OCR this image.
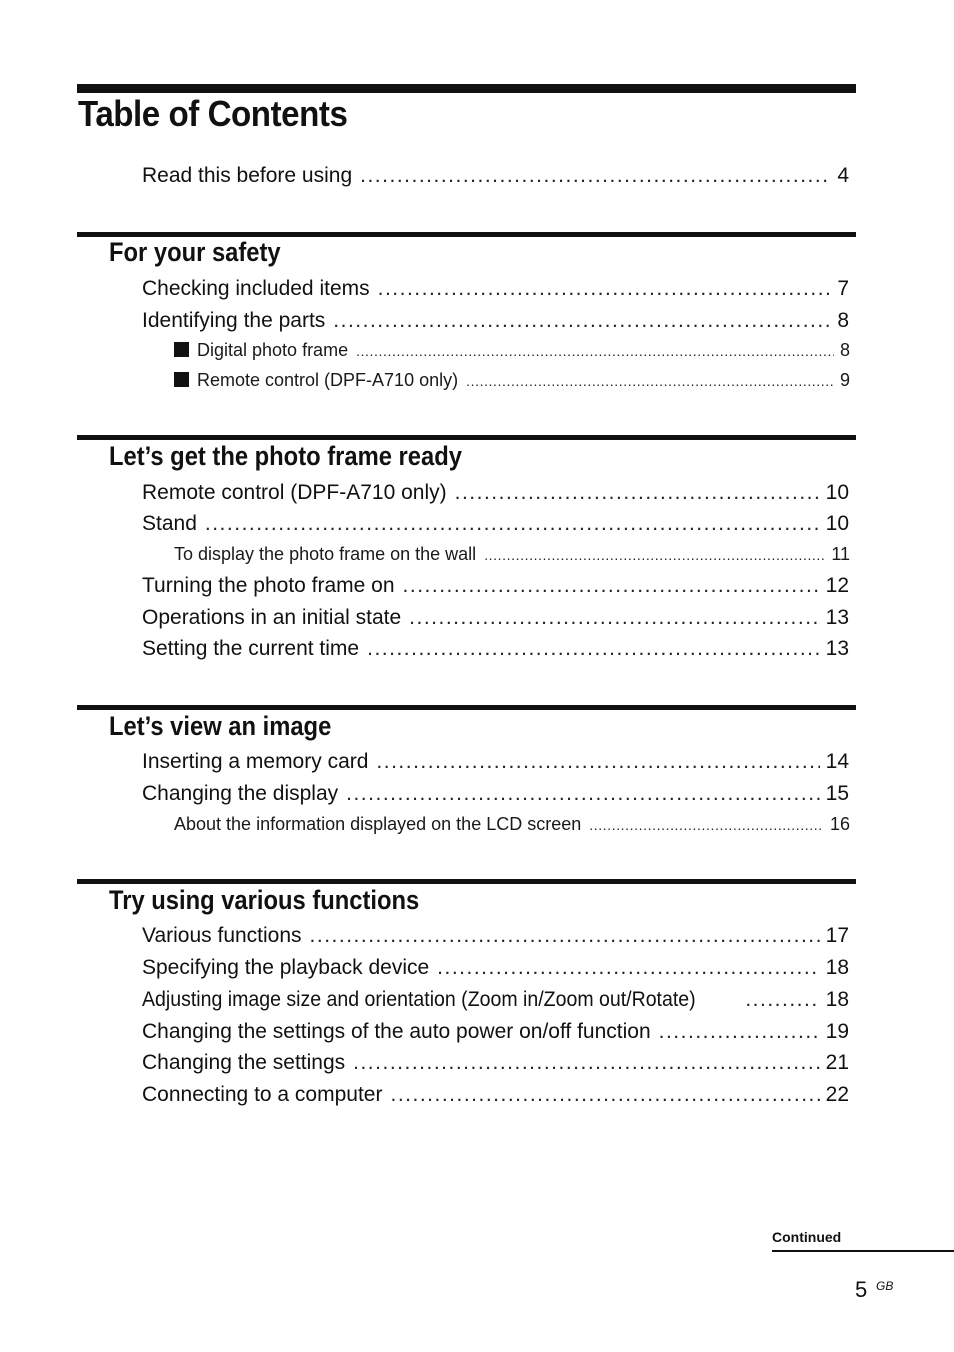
Table of Contents
Read this before using .....	4
For your safety
Checking included items .....	7
Identifying the parts .....	8
Digital photo frame .....	8
Remote control (DPF-A710 only) .....	9
Let’s get the photo frame ready
Remote control (DPF-A710 only) .....	10
Stand .....	10
To display the photo frame on the wall .....	11
Turning the photo frame on .....	12
Operations in an initial state .....	13
Setting the current time .....	13
Let’s view an image
Inserting a memory card .....	14
Changing the display .....	15
About the information displayed on the LCD screen .....	16
Try using various functions
Various functions .....	17
Specifying the playback device .....	18
Adjusting image size and orientation (Zoom in/Zoom out/Rotate) .....	18
Changing the settings of the auto power on/off function .....	19
Changing the settings .....	21
Connecting to a computer .....	22
Continued
5 GB
